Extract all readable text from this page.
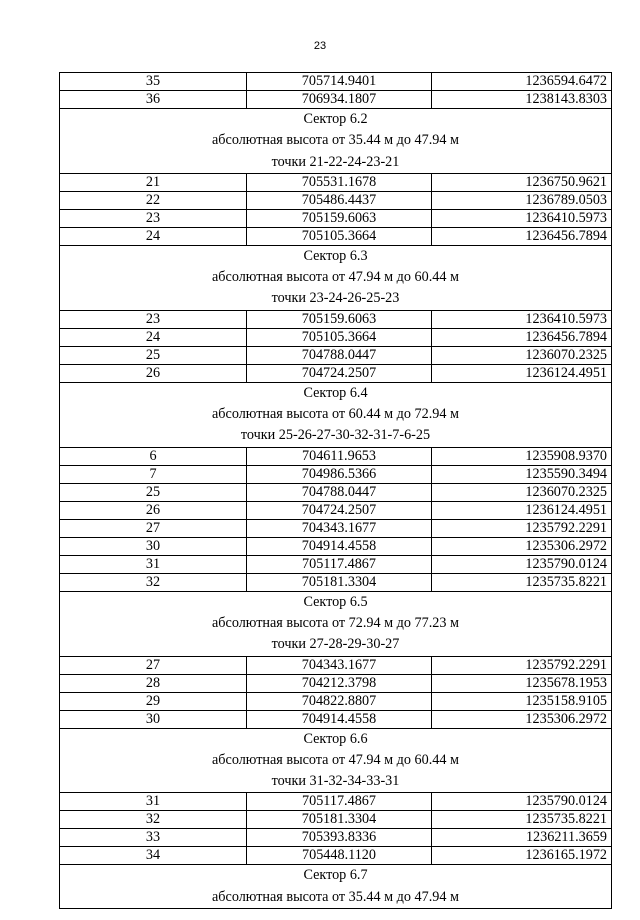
23
35	705714.9401	1236594.6472
36	706934.1807	1238143.8303

Сектор 6.2
абсолютная высота от 35.44 м до 47.94 м
точки 21-22-24-23-21		

21	705531.1678	1236750.9621
22	705486.4437	1236789.0503
23	705159.6063	1236410.5973
24	705105.3664	1236456.7894

Сектор 6.3
абсолютная высота от 47.94 м до 60.44 м
точки 23-24-26-25-23		

23	705159.6063	1236410.5973
24	705105.3664	1236456.7894
25	704788.0447	1236070.2325
26	704724.2507	1236124.4951

Сектор 6.4
абсолютная высота от 60.44 м до 72.94 м
точки 25-26-27-30-32-31-7-6-25		

6	704611.9653	1235908.9370
7	704986.5366	1235590.3494
25	704788.0447	1236070.2325
26	704724.2507	1236124.4951
27	704343.1677	1235792.2291
30	704914.4558	1235306.2972
31	705117.4867	1235790.0124
32	705181.3304	1235735.8221

Сектор 6.5
абсолютная высота от 72.94 м до 77.23 м
точки 27-28-29-30-27		

27	704343.1677	1235792.2291
28	704212.3798	1235678.1953
29	704822.8807	1235158.9105
30	704914.4558	1235306.2972

Сектор 6.6
абсолютная высота от 47.94 м до 60.44 м
точки 31-32-34-33-31		

31	705117.4867	1235790.0124
32	705181.3304	1235735.8221
33	705393.8336	1236211.3659
34	705448.1120	1236165.1972

Сектор 6.7
абсолютная высота от 35.44 м до 47.94 м		
